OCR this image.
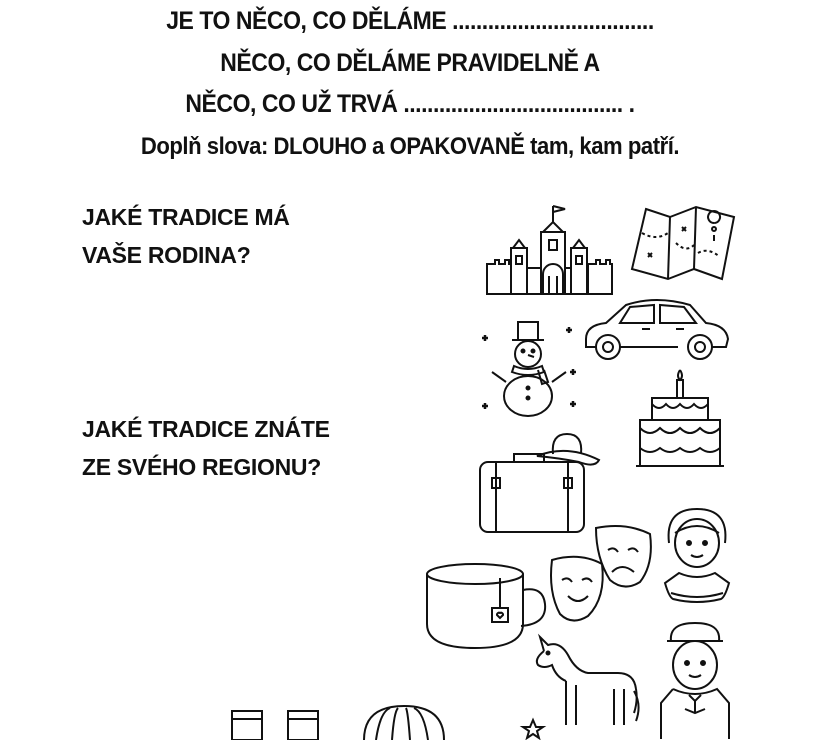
JE TO NĚCO, CO DĚLÁME ..................................
NĚCO, CO DĚLÁME PRAVIDELNĚ A
NĚCO, CO UŽ TRVÁ ..................................... .
Doplň slova: DLOUHO a OPAKOVANĚ tam, kam patří.
JAKÉ TRADICE MÁ
VAŠE RODINA?
JAKÉ TRADICE ZNÁTE
ZE SVÉHO REGIONU?
